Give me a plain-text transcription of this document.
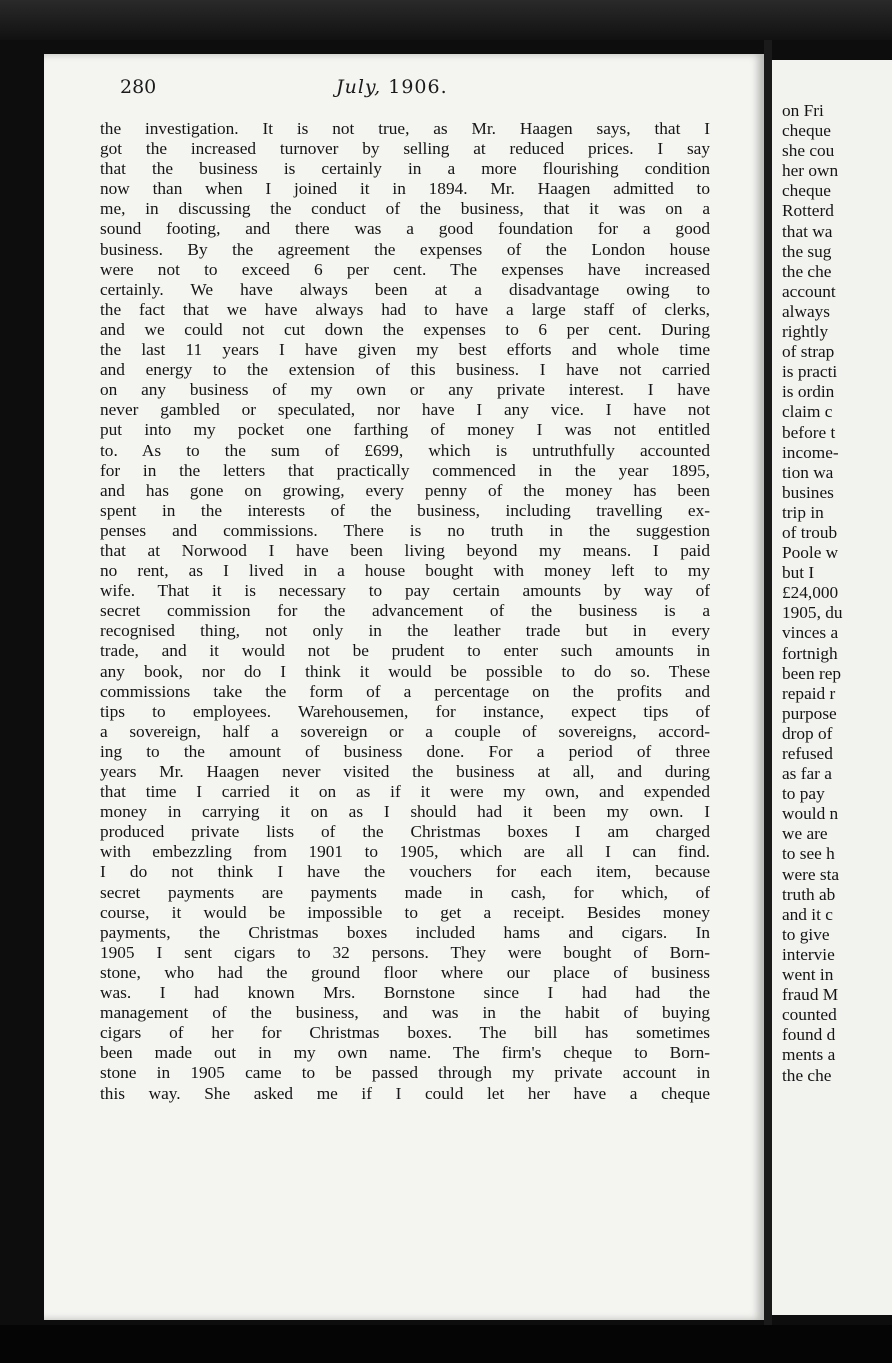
on Fri
cheque
she cou
her own
cheque
Rotterd
that wa
the sug
the che
account
always
rightly
of strap
is practi
is ordin
claim c
before t
income-
tion wa
busines
trip in
of troub
Poole w
but I
£24,000
1905, du
vinces a
fortnigh
been rep
repaid r
purpose
drop of
refused
as far a
to pay
would n
we are
to see h
were sta
truth ab
and it c
to give
intervie
went in
fraud M
counted
found d
ments a
the che
280	July, 1906.
the investigation. It is not true, as Mr. Haagen says, that I
got the increased turnover by selling at reduced prices. I say
that the business is certainly in a more flourishing condition
now than when I joined it in 1894. Mr. Haagen admitted to
me, in discussing the conduct of the business, that it was on a
sound footing, and there was a good foundation for a good
business. By the agreement the expenses of the London house
were not to exceed 6 per cent. The expenses have increased
certainly. We have always been at a disadvantage owing to
the fact that we have always had to have a large staff of clerks,
and we could not cut down the expenses to 6 per cent. During
the last 11 years I have given my best efforts and whole time
and energy to the extension of this business. I have not carried
on any business of my own or any private interest. I have
never gambled or speculated, nor have I any vice. I have not
put into my pocket one farthing of money I was not entitled
to. As to the sum of £699, which is untruthfully accounted
for in the letters that practically commenced in the year 1895,
and has gone on growing, every penny of the money has been
spent in the interests of the business, including travelling ex-
penses and commissions. There is no truth in the suggestion
that at Norwood I have been living beyond my means. I paid
no rent, as I lived in a house bought with money left to my
wife. That it is necessary to pay certain amounts by way of
secret commission for the advancement of the business is a
recognised thing, not only in the leather trade but in every
trade, and it would not be prudent to enter such amounts in
any book, nor do I think it would be possible to do so. These
commissions take the form of a percentage on the profits and
tips to employees. Warehousemen, for instance, expect tips of
a sovereign, half a sovereign or a couple of sovereigns, accord-
ing to the amount of business done. For a period of three
years Mr. Haagen never visited the business at all, and during
that time I carried it on as if it were my own, and expended
money in carrying it on as I should had it been my own. I
produced private lists of the Christmas boxes I am charged
with embezzling from 1901 to 1905, which are all I can find.
I do not think I have the vouchers for each item, because
secret payments are payments made in cash, for which, of
course, it would be impossible to get a receipt. Besides money
payments, the Christmas boxes included hams and cigars. In
1905 I sent cigars to 32 persons. They were bought of Born-
stone, who had the ground floor where our place of business
was. I had known Mrs. Bornstone since I had had the
management of the business, and was in the habit of buying
cigars of her for Christmas boxes. The bill has sometimes
been made out in my own name. The firm's cheque to Born-
stone in 1905 came to be passed through my private account in
this way. She asked me if I could let her have a cheque
